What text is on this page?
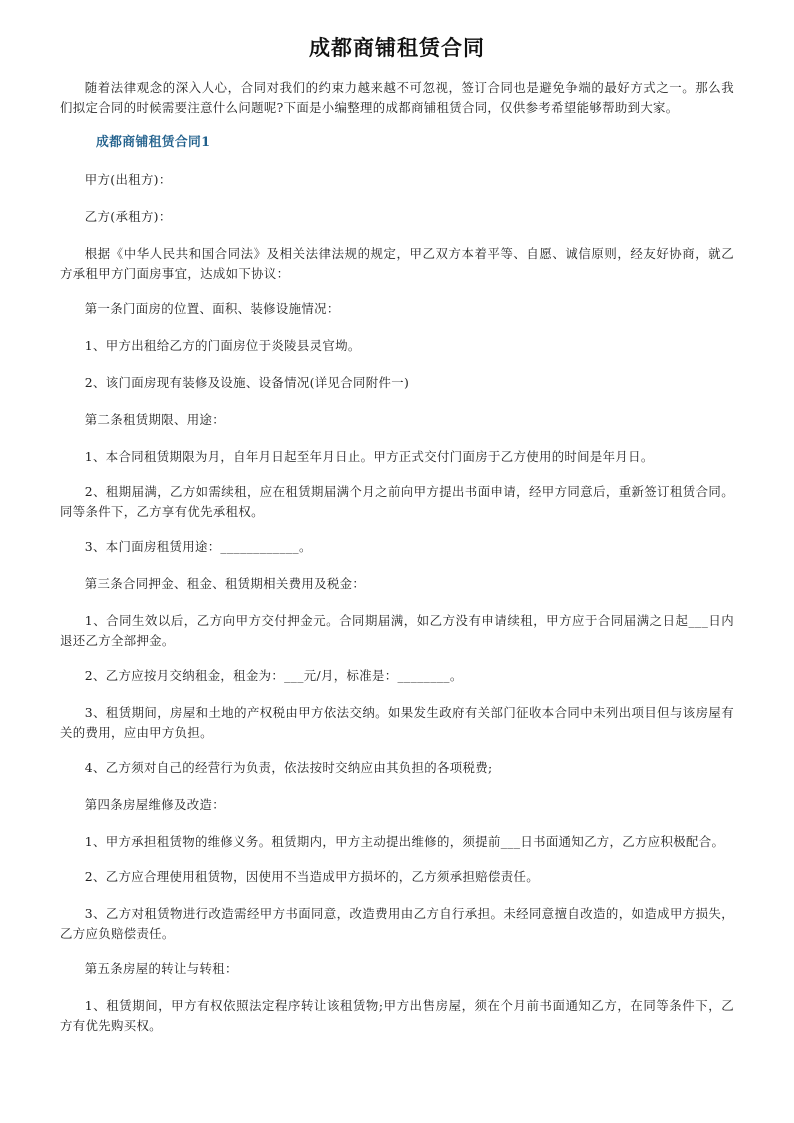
成都商铺租赁合同

随着法律观念的深入人心，合同对我们的约束力越来越不可忽视，签订合同也是避免争端的最好方式之一。那么我们拟定合同的时候需要注意什么问题呢?下面是小编整理的成都商铺租赁合同，仅供参考希望能够帮助到大家。

成都商铺租赁合同1

甲方(出租方)：

乙方(承租方)：

根据《中华人民共和国合同法》及相关法律法规的规定，甲乙双方本着平等、自愿、诚信原则，经友好协商，就乙方承租甲方门面房事宜，达成如下协议：

第一条门面房的位置、面积、装修设施情况：

1、甲方出租给乙方的门面房位于炎陵县灵官坳。

2、该门面房现有装修及设施、设备情况(详见合同附件一)

第二条租赁期限、用途：

1、本合同租赁期限为月，自年月日起至年月日止。甲方正式交付门面房于乙方使用的时间是年月日。

2、租期届满，乙方如需续租，应在租赁期届满个月之前向甲方提出书面申请，经甲方同意后，重新签订租赁合同。同等条件下，乙方享有优先承租权。

3、本门面房租赁用途：____________。

第三条合同押金、租金、租赁期相关费用及税金：

1、合同生效以后，乙方向甲方交付押金元。合同期届满，如乙方没有申请续租，甲方应于合同届满之日起___日内退还乙方全部押金。

2、乙方应按月交纳租金，租金为：___元/月，标准是：________。

3、租赁期间，房屋和土地的产权税由甲方依法交纳。如果发生政府有关部门征收本合同中未列出项目但与该房屋有关的费用，应由甲方负担。

4、乙方须对自己的经营行为负责，依法按时交纳应由其负担的各项税费;

第四条房屋维修及改造：

1、甲方承担租赁物的维修义务。租赁期内，甲方主动提出维修的，须提前___日书面通知乙方，乙方应积极配合。

2、乙方应合理使用租赁物，因使用不当造成甲方损坏的，乙方须承担赔偿责任。

3、乙方对租赁物进行改造需经甲方书面同意，改造费用由乙方自行承担。未经同意擅自改造的，如造成甲方损失，乙方应负赔偿责任。

第五条房屋的转让与转租：

1、租赁期间，甲方有权依照法定程序转让该租赁物;甲方出售房屋，须在个月前书面通知乙方，在同等条件下，乙方有优先购买权。
